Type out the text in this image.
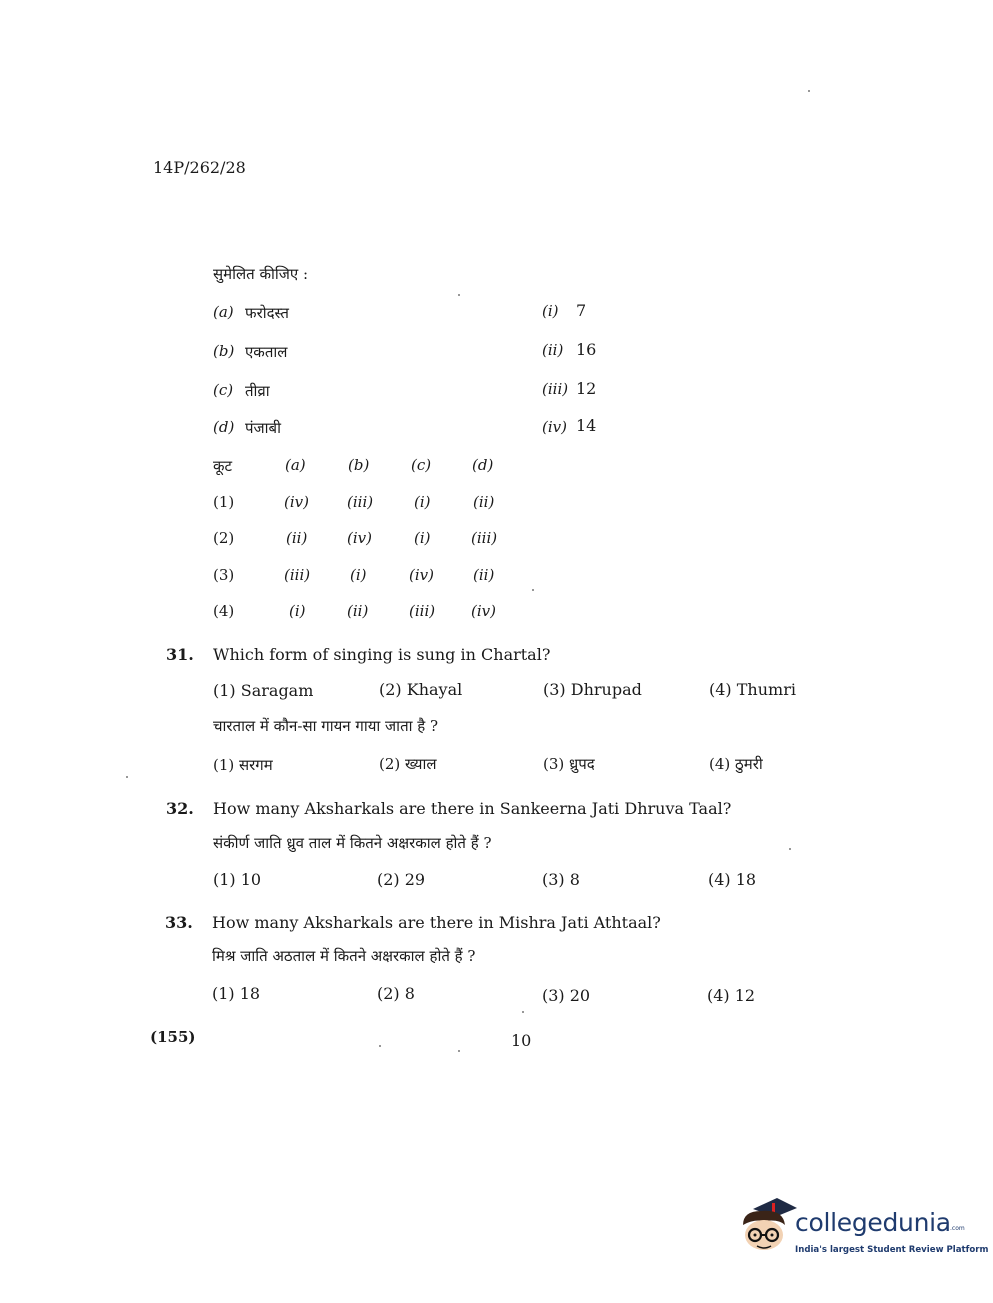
14P/262/28
सुमेलित कीजिए :
(a) फरोदस्त	(i) 7
(b) एकताल	(ii) 16
(c) तीव्रा	(iii) 12
(d) पंजाबी	(iv) 14
कूट	(a)	(b)	(c)	(d)
(1)	(iv)	(iii)	(i)	(ii)
(2)	(ii)	(iv)	(i)	(iii)
(3)	(iii)	(i)	(iv)	(ii)
(4)	(i)	(ii)	(iii) (iv)
31. Which form of singing is sung in Chartal?
(1) Saragam	(2) Khayal	(3) Dhrupad	(4) Thumri
चारताल में कौन-सा गायन गाया जाता है ?
(1) सरगम	(2) ख्याल	(3) ध्रुपद	(4) ठुमरी
32. How many Aksharkals are there in Sankeerna Jati Dhruva Taal?
संकीर्ण जाति ध्रुव ताल में कितने अक्षरकाल होते हैं ?
(1) 10	(2) 29	(3) 8	(4) 18
33. How many Aksharkals are there in Mishra Jati Athtaal?
मिश्र जाति अठताल में कितने अक्षरकाल होते हैं ?
(1) 18	(2) 8	(3) 20	(4) 12
(155)	10
collegedunia .com
India's largest Student Review Platform
